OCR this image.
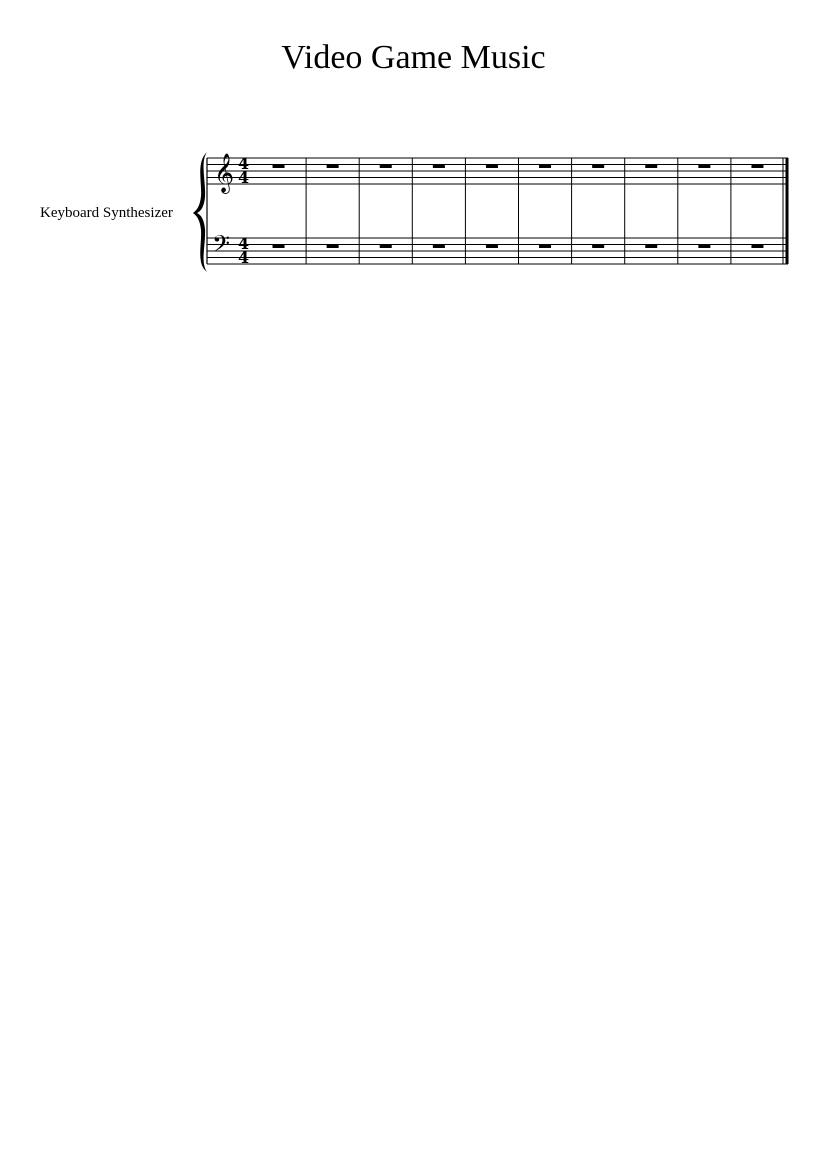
Video Game Music
Keyboard Synthesizer
𝄞
𝄢
4
4
4
4
